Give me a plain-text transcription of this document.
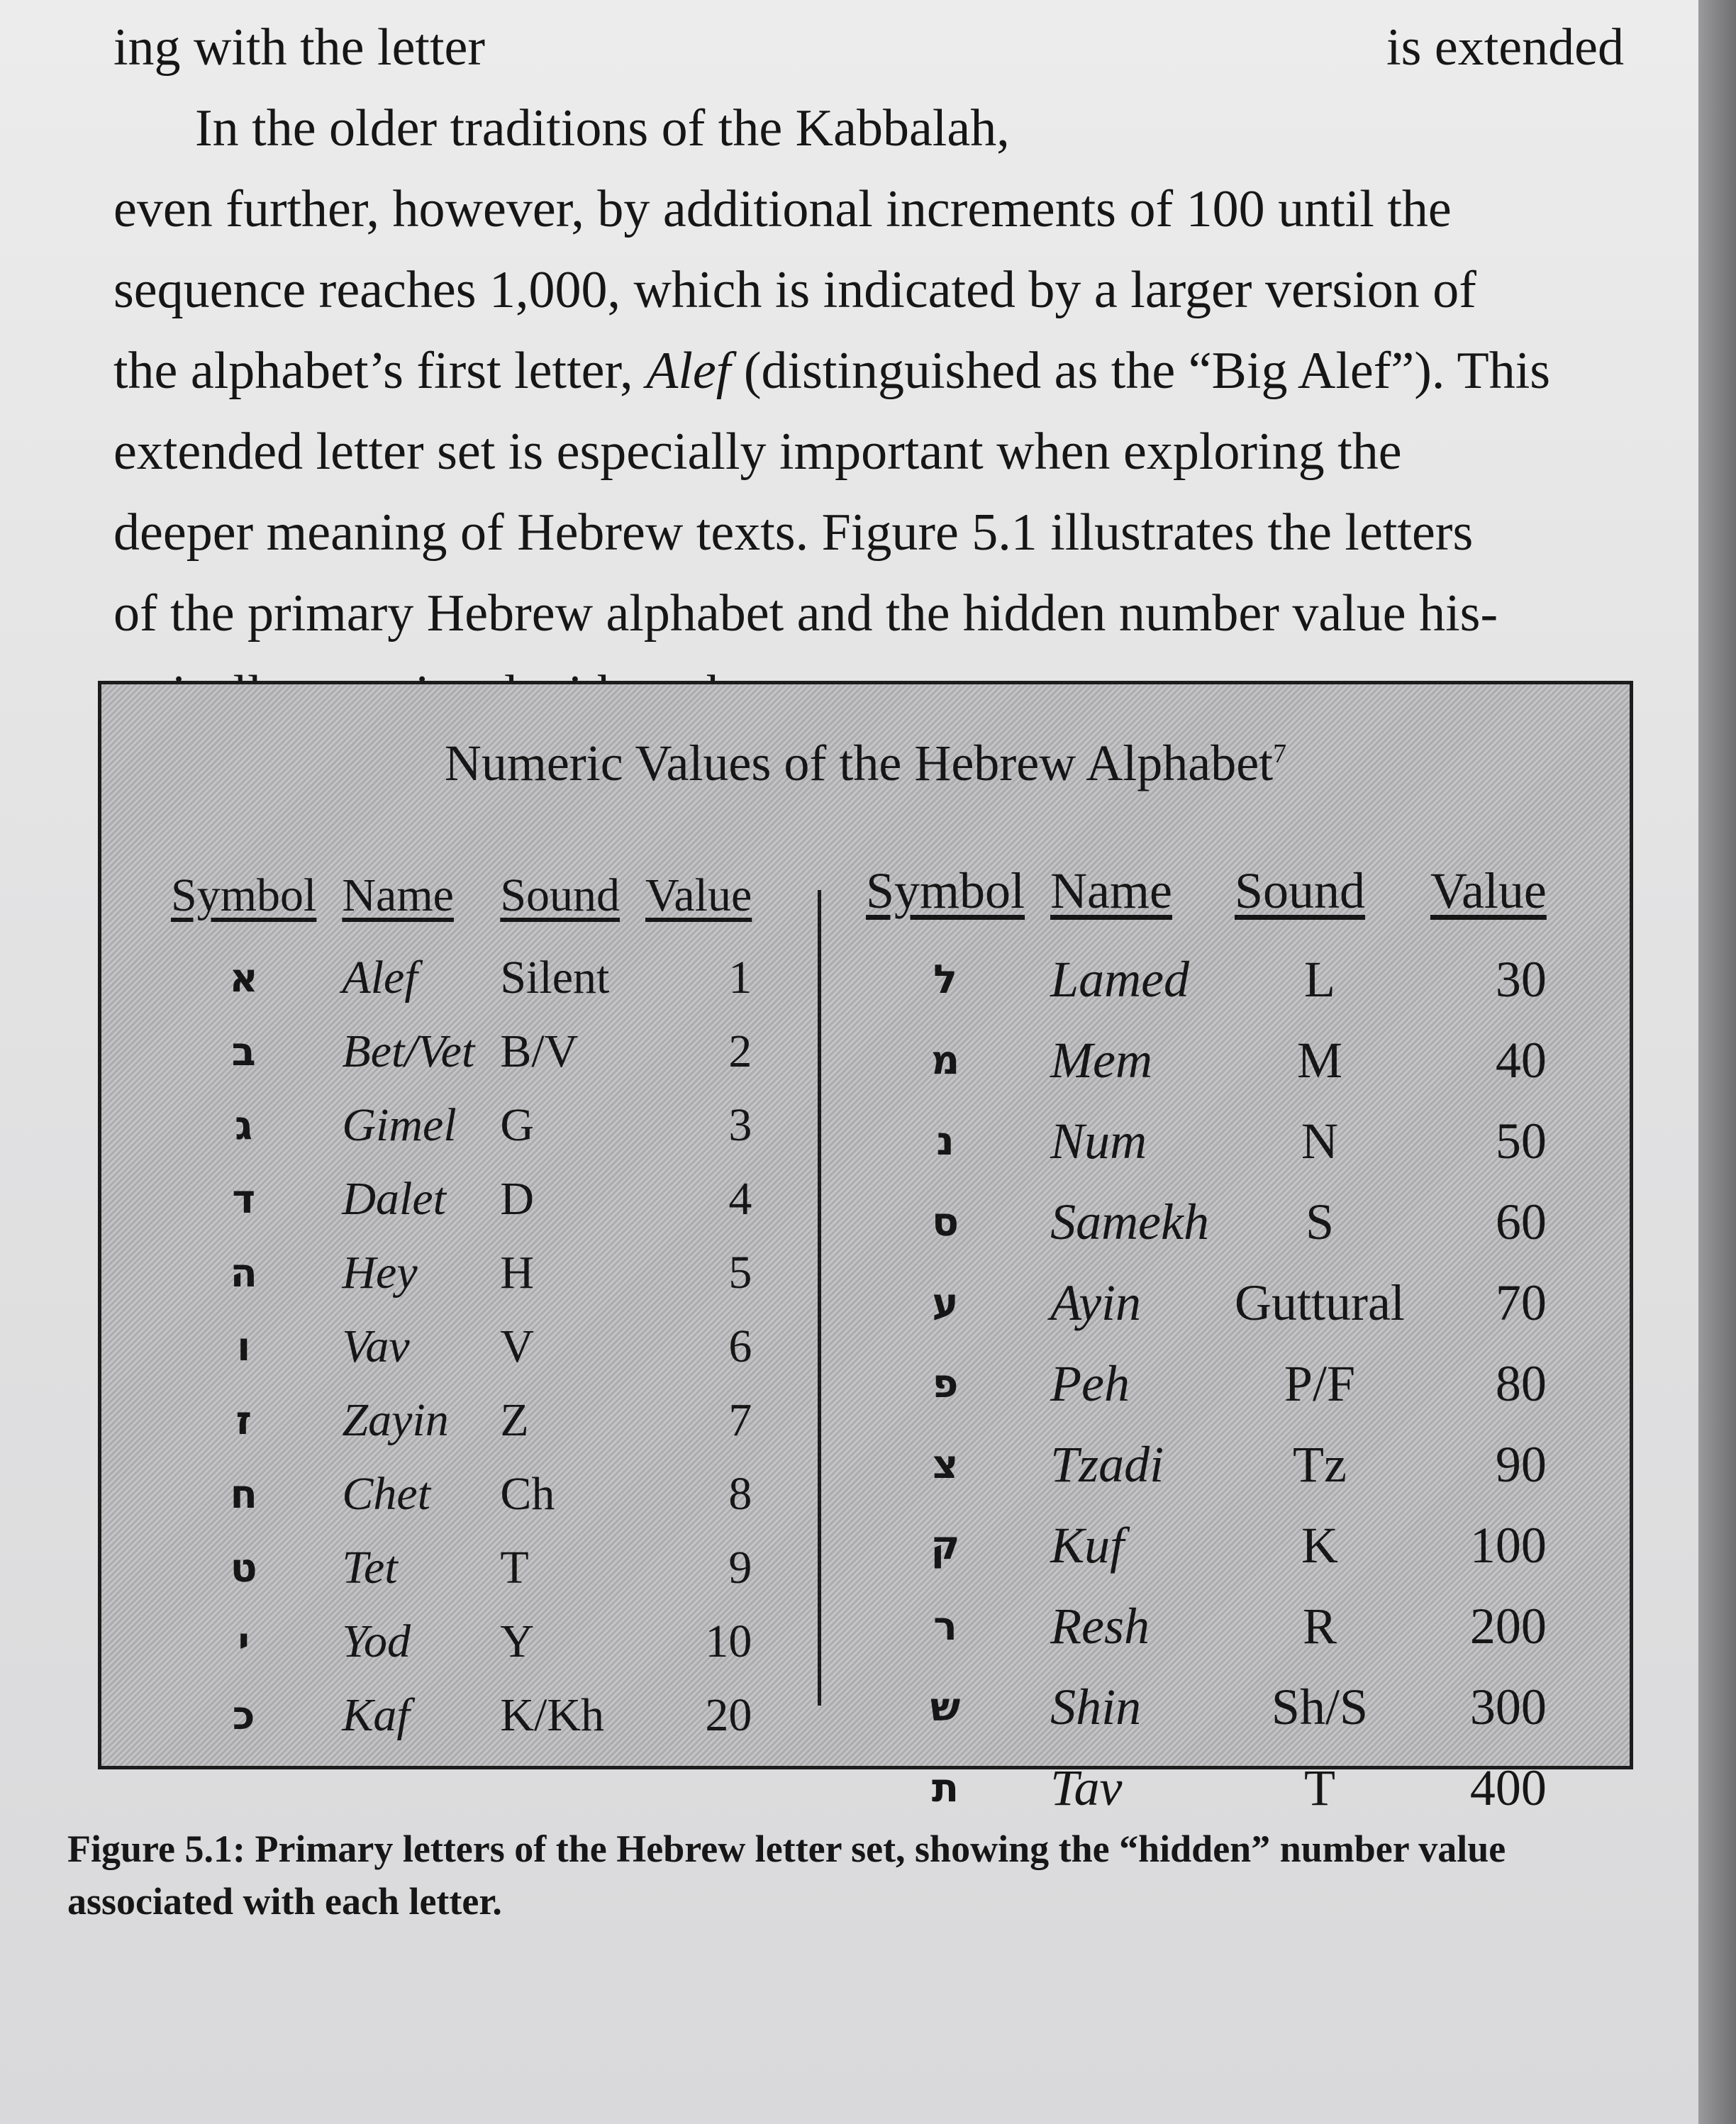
ing with the letter	is extended
In the older traditions of the Kabbalah,
even further, however, by additional increments of 100 until the
sequence reaches 1,000, which is indicated by a larger version of
the alphabet’s first letter, Alef (distinguished as the “Big Alef”). This
extended letter set is especially important when exploring the
deeper meaning of Hebrew texts. Figure 5.1 illustrates the letters
of the primary Hebrew alphabet and the hidden number value his-
Numeric Values of the Hebrew Alphabet$^7$
Symbol	Name	Sound	Value
א	Alef	Silent	1
ב	Bet/Vet	B/V	2
ג	Gimel	G	3
ד	Dalet	D	4
ה	Hey	H	5
ו	Vav	V	6
ז	Zayin	Z	7
ח	Chet	Ch	8
ט	Tet	T	9
י	Yod	Y	10
כ	Kaf	K/Kh	20
Symbol	Name	Sound	Value
ל	Lamed	L	30
מ	Mem	M	40
נ	Num	N	50
ס	Samekh	S	60
ע	Ayin	Guttural	70
פ	Peh	P/F	80
צ	Tzadi	Tz	90
ק	Kuf	K	100
ר	Resh	R	200
ש	Shin	Sh/S	300
ת	Tav	T	400
Figure 5.1: Primary letters of the Hebrew letter set, showing the “hidden” number value associated with each letter.
